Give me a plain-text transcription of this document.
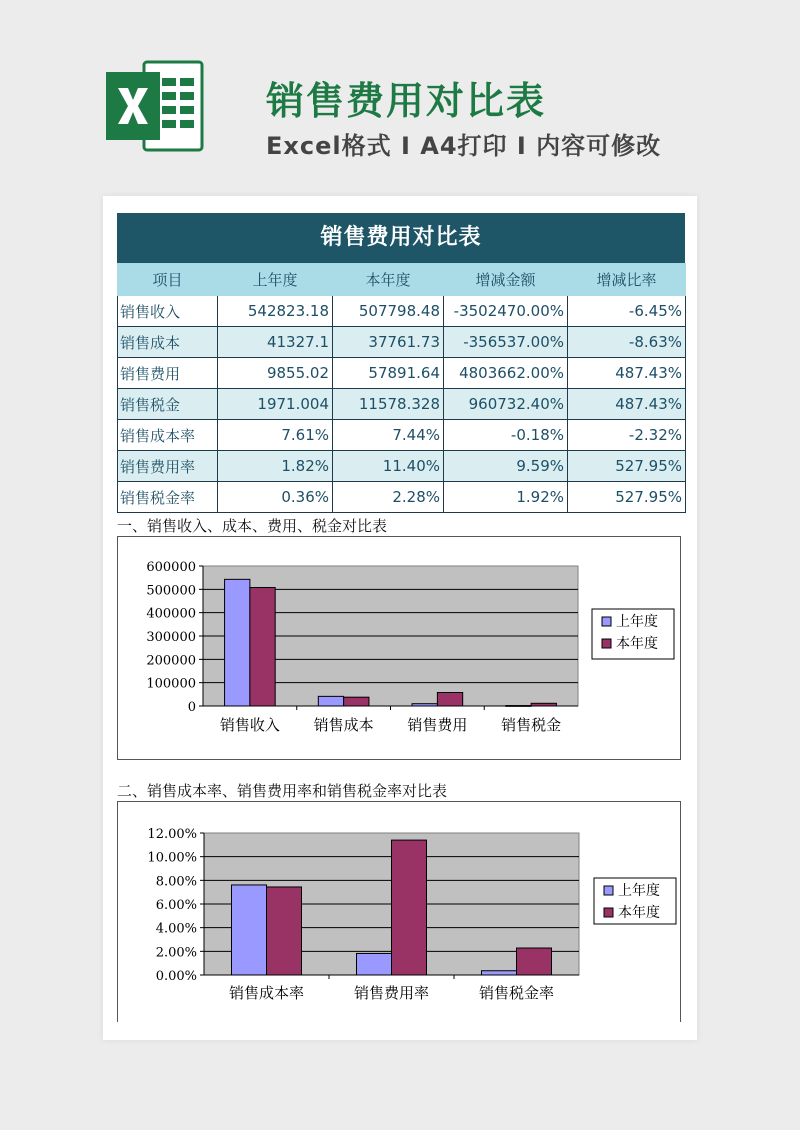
销售费用对比表
Excel格式 I A4打印 I 内容可修改
销售费用对比表
项目	上年度	本年度	增减金额	增减比率
销售收入	542823.18	507798.48	-3502470.00%	-6.45%
销售成本	41327.1	37761.73	-356537.00%	-8.63%
销售费用	9855.02	57891.64	4803662.00%	487.43%
销售税金	1971.004	11578.328	960732.40%	487.43%
销售成本率	7.61%	7.44%	-0.18%	-2.32%
销售费用率	1.82%	11.40%	9.59%	527.95%
销售税金率	0.36%	2.28%	1.92%	527.95%
一、销售收入、成本、费用、税金对比表
0
100000
200000
300000
400000
500000
600000
销售收入 销售成本 销售费用 销售税金
上年度
本年度
二、销售成本率、销售费用率和销售税金率对比表
0.00%
2.00%
4.00%
6.00%
8.00%
10.00%
12.00%
销售成本率	销售费用率	销售税金率
上年度
本年度
